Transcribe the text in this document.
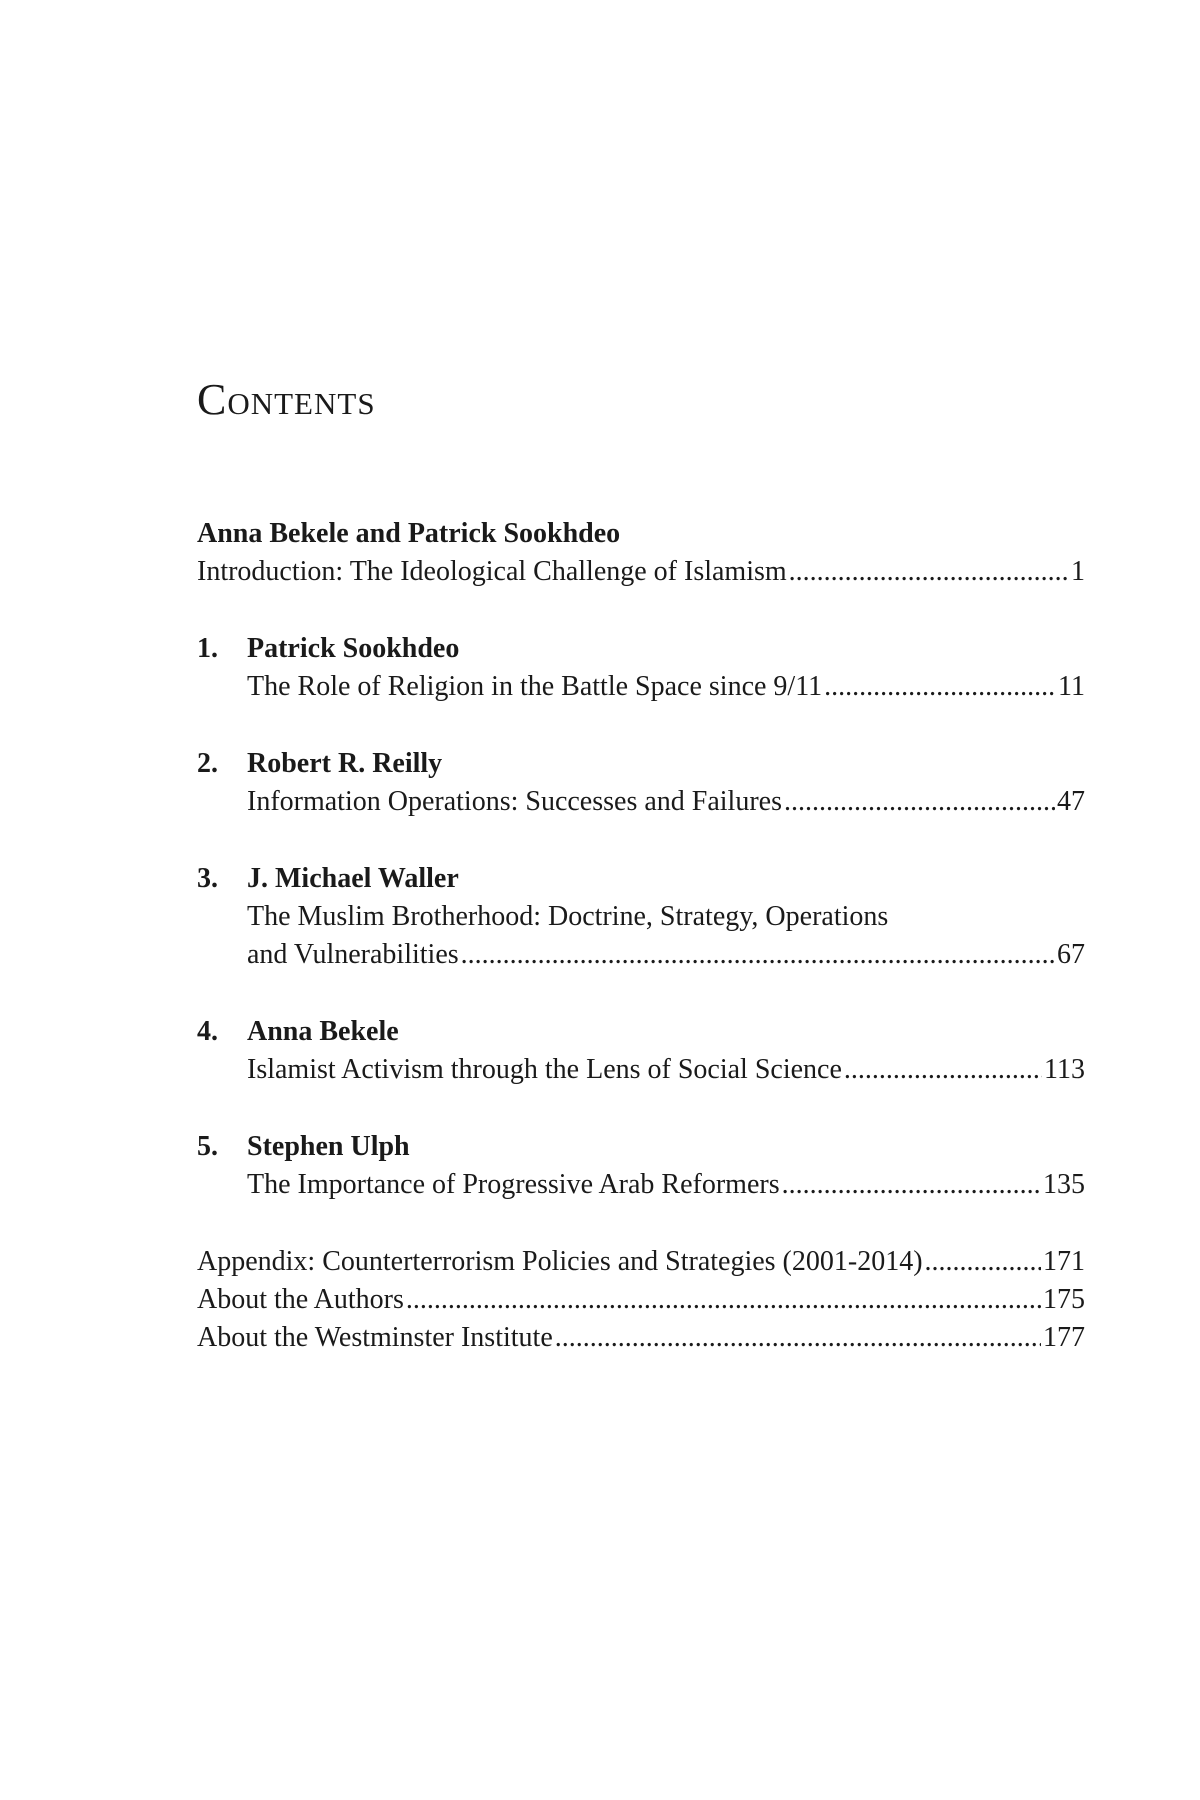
Contents
Anna Bekele and Patrick Sookhdeo
Introduction: The Ideological Challenge of Islamism .....	1
1. Patrick Sookhdeo
The Role of Religion in the Battle Space since 9/11 .....	11
2. Robert R. Reilly
Information Operations: Successes and Failures .....	47
3. J. Michael Waller
The Muslim Brotherhood: Doctrine, Strategy, Operations
and Vulnerabilities .....	67
4. Anna Bekele
Islamist Activism through the Lens of Social Science .....	113
5. Stephen Ulph
The Importance of Progressive Arab Reformers .....	135
Appendix: Counterterrorism Policies and Strategies (2001-2014) .....	171
About the Authors .....	175
About the Westminster Institute .....	177
